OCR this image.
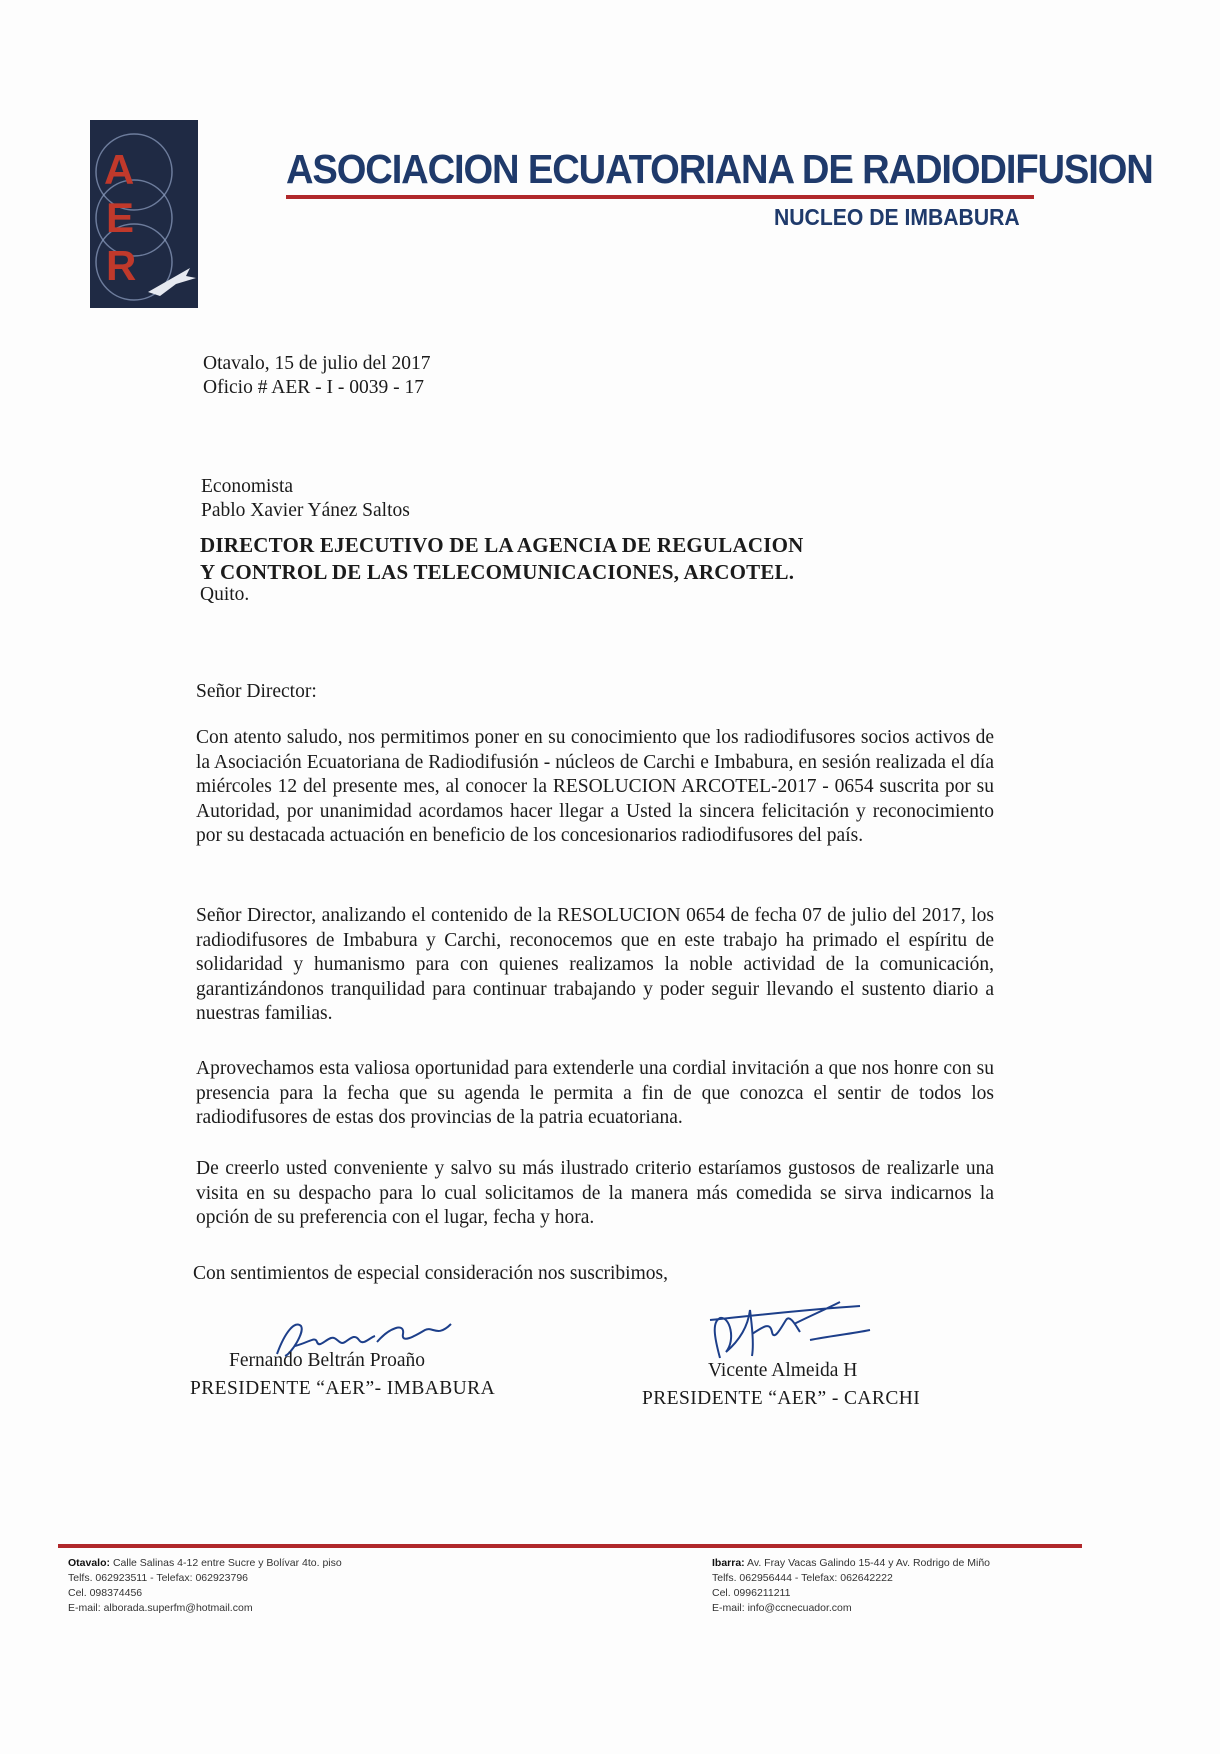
A
E
R
ASOCIACION ECUATORIANA DE RADIODIFUSION
NUCLEO DE IMBABURA
Otavalo, 15 de julio del 2017
Oficio # AER - I - 0039 - 17
Economista
Pablo Xavier Yánez Saltos
DIRECTOR EJECUTIVO DE LA AGENCIA DE REGULACION
Y CONTROL DE LAS TELECOMUNICACIONES, ARCOTEL.
Quito.
Señor Director:
Con atento saludo, nos permitimos poner en su conocimiento que los radiodifusores socios activos de la Asociación Ecuatoriana de Radiodifusión - núcleos de Carchi e Imbabura, en sesión realizada el día miércoles 12 del presente mes, al conocer la RESOLUCION ARCOTEL-2017 - 0654 suscrita por su Autoridad, por unanimidad acordamos hacer llegar a Usted la sincera felicitación y reconocimiento por su destacada actuación en beneficio de los concesionarios radiodifusores del país.
Señor Director, analizando el contenido de la RESOLUCION 0654 de fecha 07 de julio del 2017, los radiodifusores de Imbabura y Carchi, reconocemos que en este trabajo ha primado el espíritu de solidaridad y humanismo para con quienes realizamos la noble actividad de la comunicación, garantizándonos tranquilidad para continuar trabajando y poder seguir llevando el sustento diario a nuestras familias.
Aprovechamos esta valiosa oportunidad para extenderle una cordial invitación a que nos honre con su presencia para la fecha que su agenda le permita a fin de que conozca el sentir de todos los radiodifusores de estas dos provincias de la patria ecuatoriana.
De creerlo usted conveniente y salvo su más ilustrado criterio estaríamos gustosos de realizarle una visita en su despacho para lo cual solicitamos de la manera más comedida se sirva indicarnos la opción de su preferencia con el lugar, fecha y hora.
Con sentimientos de especial consideración nos suscribimos,
Fernando Beltrán Proaño
PRESIDENTE “AER”- IMBABURA
Vicente Almeida H
PRESIDENTE “AER” - CARCHI
Otavalo: Calle Salinas 4-12 entre Sucre y Bolívar 4to. piso
Telfs. 062923511 - Telefax: 062923796
Cel. 098374456
E-mail: alborada.superfm@hotmail.com
Ibarra: Av. Fray Vacas Galindo 15-44 y Av. Rodrigo de Miño
Telfs. 062956444 - Telefax: 062642222
Cel. 0996211211
E-mail: info@ccnecuador.com
